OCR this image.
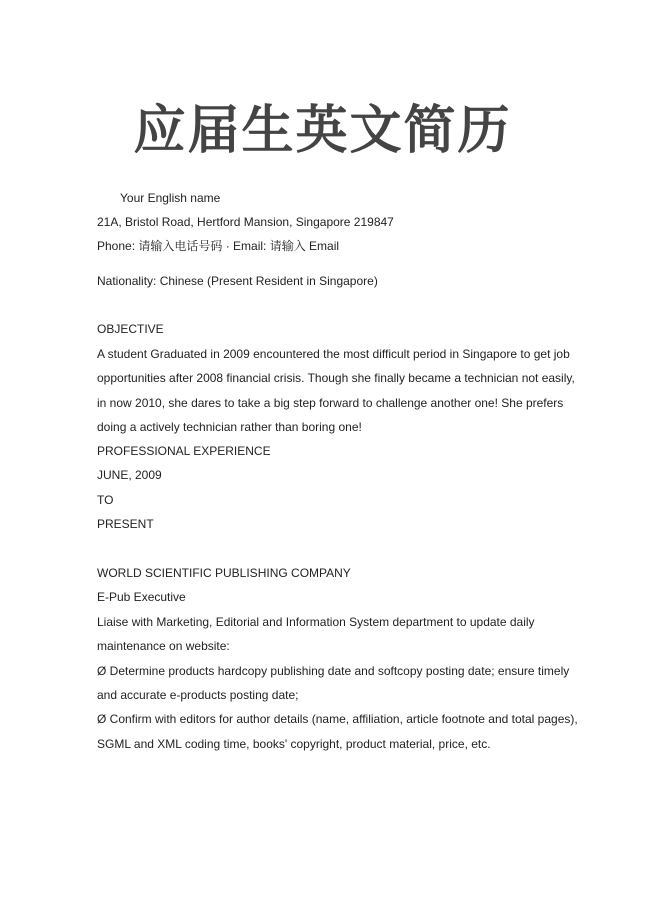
应届生英文简历
Your English name
21A, Bristol Road, Hertford Mansion, Singapore 219847
Phone: 请输入电话号码 · Email: 请输入 Email
Nationality: Chinese (Present Resident in Singapore)
OBJECTIVE
A student Graduated in 2009 encountered the most difficult period in Singapore to get job
opportunities after 2008 financial crisis. Though she finally became a technician not easily,
in now 2010, she dares to take a big step forward to challenge another one! She prefers
doing a actively technician rather than boring one!
PROFESSIONAL EXPERIENCE
JUNE, 2009
TO
PRESENT
WORLD SCIENTIFIC PUBLISHING COMPANY
E-Pub Executive
Liaise with Marketing, Editorial and Information System department to update daily
maintenance on website:
Ø Determine products hardcopy publishing date and softcopy posting date; ensure timely
and accurate e-products posting date;
Ø Confirm with editors for author details (name, affiliation, article footnote and total pages),
SGML and XML coding time, books' copyright, product material, price, etc.
